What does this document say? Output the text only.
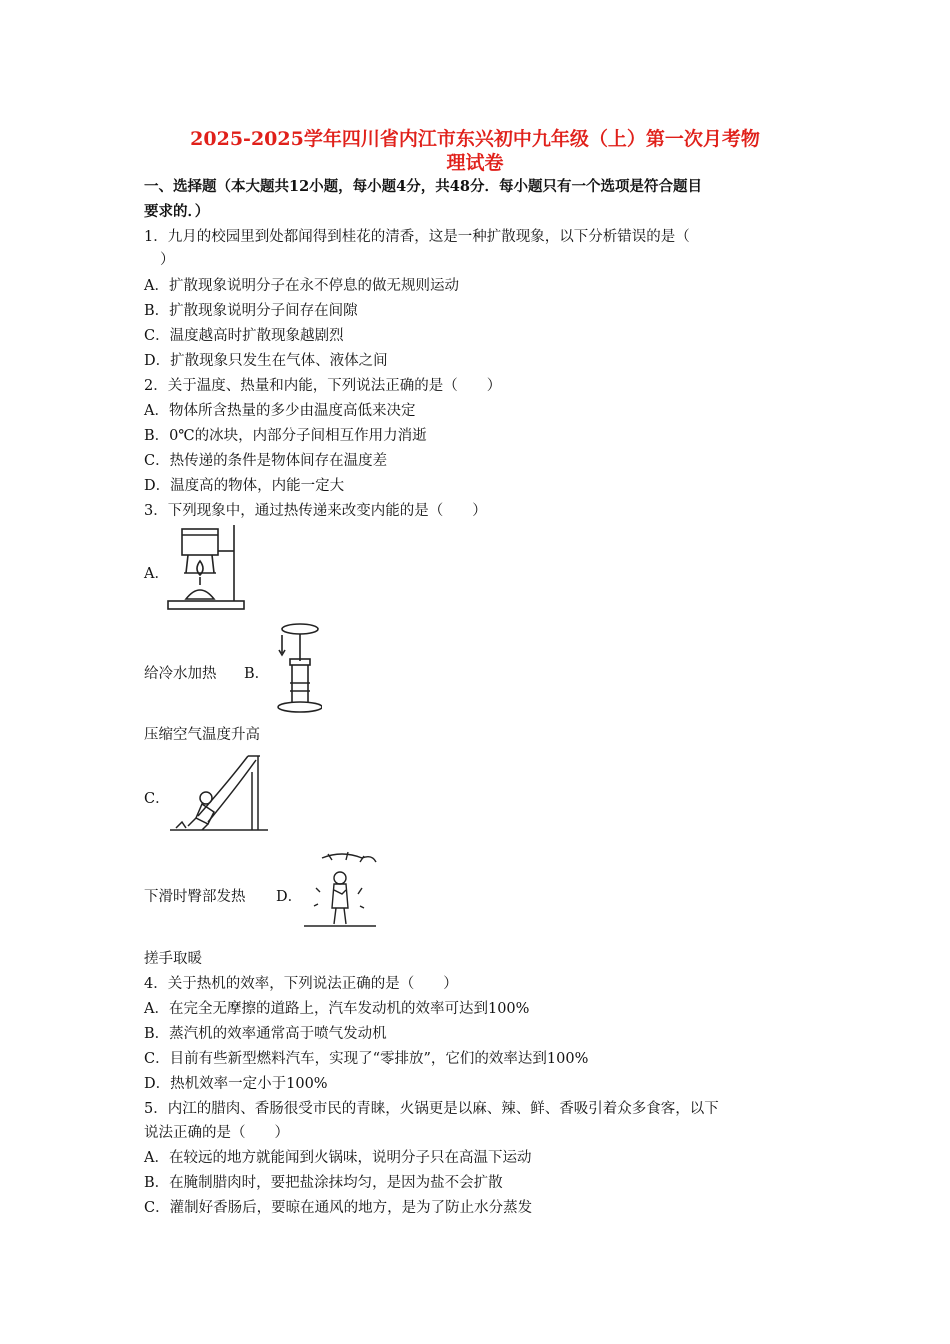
2025-2025学年四川省内江市东兴初中九年级（上）第一次月考物
理试卷
一、选择题（本大题共12小题，每小题4分，共48分．每小题只有一个选项是符合题目
要求的．）
1．九月的校园里到处都闻得到桂花的清香，这是一种扩散现象，以下分析错误的是（
）
A．扩散现象说明分子在永不停息的做无规则运动
B．扩散现象说明分子间存在间隙
C．温度越高时扩散现象越剧烈
D．扩散现象只发生在气体、液体之间
2．关于温度、热量和内能，下列说法正确的是（　　）
A．物体所含热量的多少由温度高低来决定
B．0℃的冰块，内部分子间相互作用力消逝
C．热传递的条件是物体间存在温度差
D．温度高的物体，内能一定大
3．下列现象中，通过热传递来改变内能的是（　　）
A．
给冷水加热 B．
压缩空气温度升高
C．
下滑时臀部发热 D．
搓手取暖
4．关于热机的效率，下列说法正确的是（　　）
A．在完全无摩擦的道路上，汽车发动机的效率可达到100%
B．蒸汽机的效率通常高于喷气发动机
C．目前有些新型燃料汽车，实现了“零排放”，它们的效率达到100%
D．热机效率一定小于100%
5．内江的腊肉、香肠很受市民的青睐，火锅更是以麻、辣、鲜、香吸引着众多食客，以下
说法正确的是（　　）
A．在较远的地方就能闻到火锅味，说明分子只在高温下运动
B．在腌制腊肉时，要把盐涂抹均匀，是因为盐不会扩散
C．灌制好香肠后，要晾在通风的地方，是为了防止水分蒸发
